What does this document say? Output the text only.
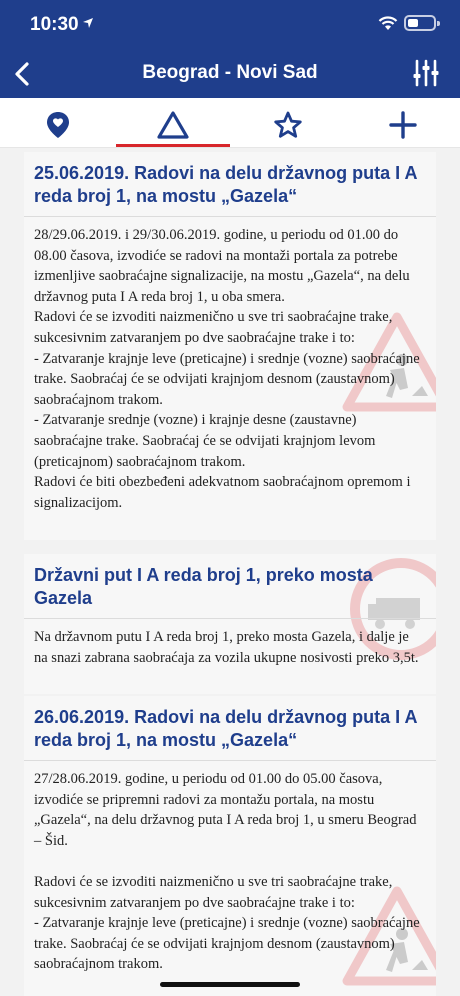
10:30
Beograd - Novi Sad
25.06.2019. Radovi na delu državnog puta I A reda broj 1, na mostu „Gazela“
28/29.06.2019. i 29/30.06.2019. godine, u periodu od 01.00 do 08.00 časova, izvodiće se radovi na montaži portala za potrebe izmenljive saobraćajne signalizacije, na mostu „Gazela“, na delu državnog puta I A reda broj 1, u oba smera.
Radovi će se izvoditi naizmenično u sve tri saobraćajne trake, sukcesivnim zatvaranjem po dve saobraćajne trake i to:
- Zatvaranje krajnje leve (preticajne) i srednje (vozne) saobraćajne trake. Saobraćaj će se odvijati krajnjom desnom (zaustavnom) saobraćajnom trakom.
- Zatvaranje srednje (vozne) i krajnje desne (zaustavne) saobraćajne trake. Saobraćaj će se odvijati krajnjom levom (preticajnom) saobraćajnom trakom.
Radovi će biti obezbeđeni adekvatnom saobraćajnom opremom i signalizacijom.
Državni put I A reda broj 1, preko mosta Gazela
Na državnom putu I A reda broj 1, preko mosta Gazela, i dalje je na snazi zabrana saobraćaja za vozila ukupne nosivosti preko 3,5t.
26.06.2019. Radovi na delu državnog puta I A reda broj 1, na mostu „Gazela“
27/28.06.2019. godine, u periodu od 01.00 do 05.00 časova, izvodiće se pripremni radovi za montažu portala, na mostu „Gazela“, na delu državnog puta I A reda broj 1, u smeru Beograd – Šid.

Radovi će se izvoditi naizmenično u sve tri saobraćajne trake, sukcesivnim zatvaranjem po dve saobraćajne trake i to:
- Zatvaranje krajnje leve (preticajne) i srednje (vozne) saobraćajne trake. Saobraćaj će se odvijati krajnjom desnom (zaustavnom) saobraćajnom trakom.
